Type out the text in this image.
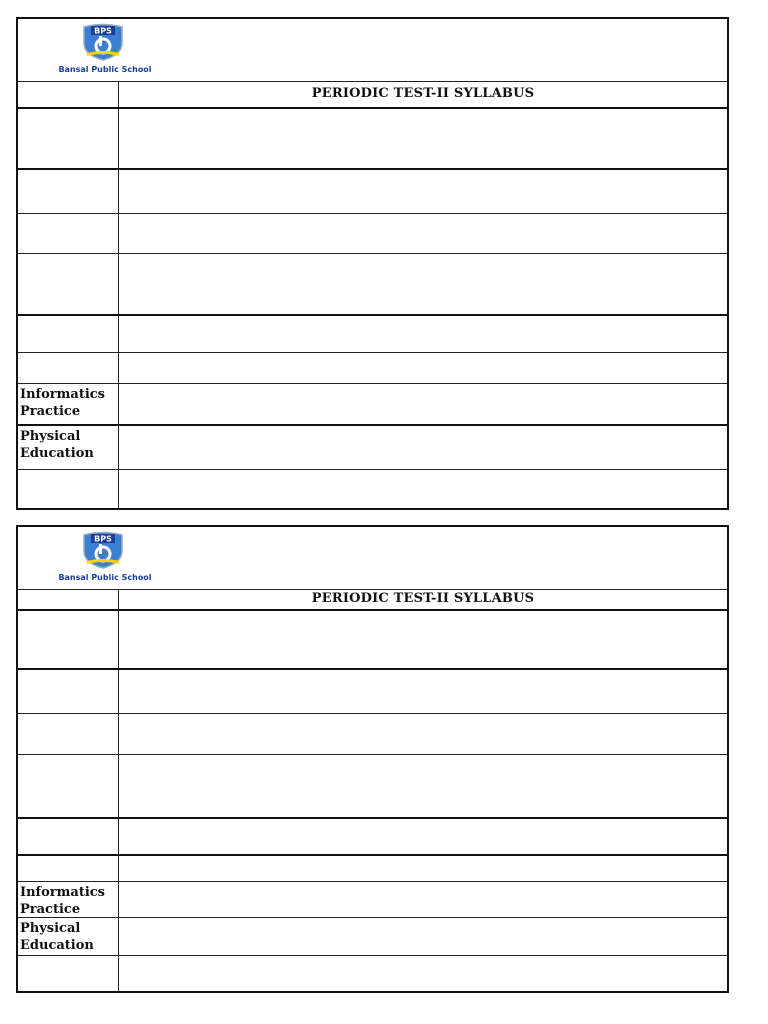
BPS
Bansal Public School
PERIODIC TEST-II SYLLABUS
Informatics
Practice
Physical
Education
BPS
Bansal Public School
PERIODIC TEST-II SYLLABUS
Informatics
Practice
Physical
Education
